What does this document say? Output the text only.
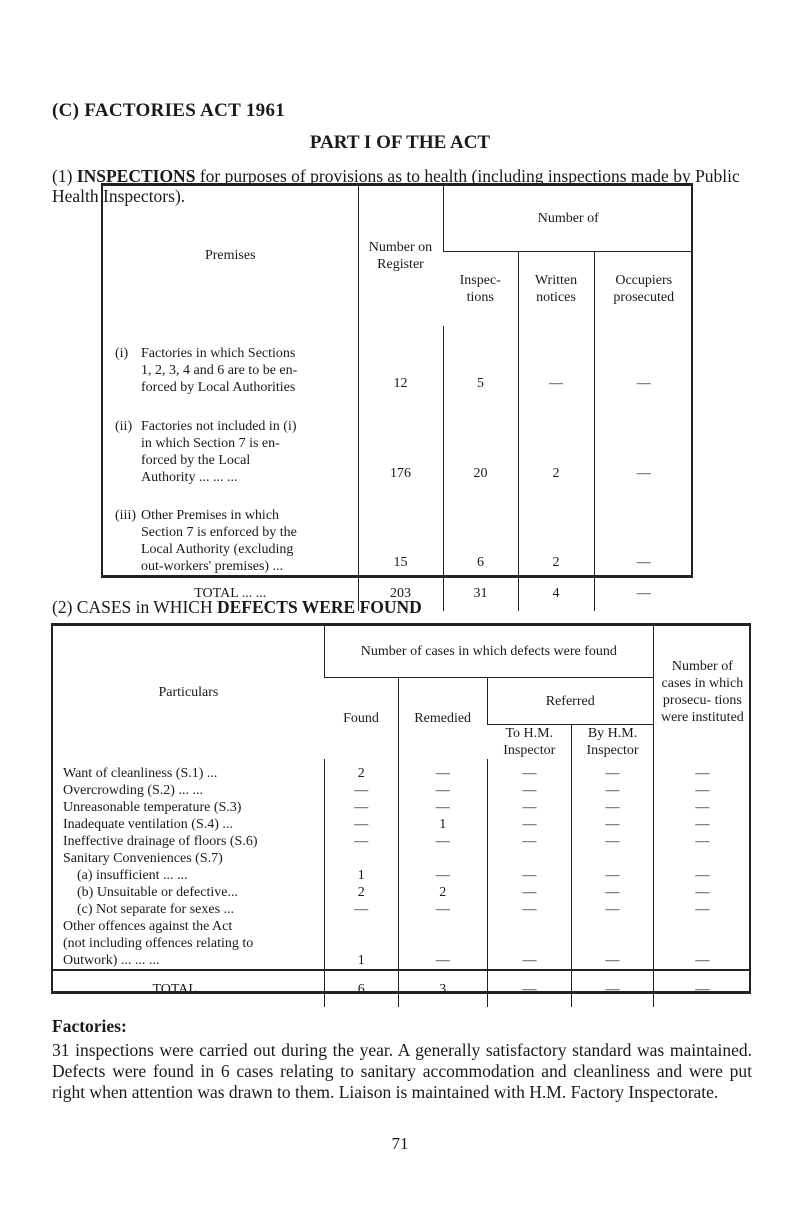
(C) FACTORIES ACT 1961
PART I OF THE ACT
(1) INSPECTIONS for purposes of provisions as to health (including inspections made by Public Health Inspectors).
Premises	Number on Register	Number of		
		Inspec- tions	Written notices	Occupiers prosecuted
(i) Factories in which Sections
1, 2, 3, 4 and 6 are to be en-
forced by Local Authorities	12	5	—	—
(ii) Factories not included in (i)
in which Section 7 is en-
forced by the Local
Authority ... ... ...	176	20	2	—
(iii) Other Premises in which
Section 7 is enforced by the
Local Authority (excluding
out-workers' premises) ...	15	6	2	—
TOTAL ... ...	203	31	4	—
(2) CASES in WHICH DEFECTS WERE FOUND
Particulars	Number of cases in which defects were found				Number of cases in which prosecu- tions were instituted
	Found	Remedied	Referred		
			To H.M. Inspector	By H.M. Inspector	
Want of cleanliness (S.1) ...	2	—	—	—	—
Overcrowding (S.2) ... ...	—	—	—	—	—
Unreasonable temperature (S.3)	—	—	—	—	—
Inadequate ventilation (S.4) ...	—	1	—	—	—
Ineffective drainage of floors (S.6)	—	—	—	—	—
Sanitary Conveniences (S.7)					
(a) insufficient ... ...	1	—	—	—	—
(b) Unsuitable or defective...	2	2	—	—	—
(c) Not separate for sexes ...	—	—	—	—	—
Other offences against the Act					
(not including offences relating to					
Outwork) ... ... ...	1	—	—	—	—
TOTAL ... ...	6	3	—	—	—
Factories:
31 inspections were carried out during the year. A generally satisfactory standard was maintained. Defects were found in 6 cases relating to sanitary accommodation and cleanliness and were put right when attention was drawn to them. Liaison is maintained with H.M. Factory Inspectorate.
71
